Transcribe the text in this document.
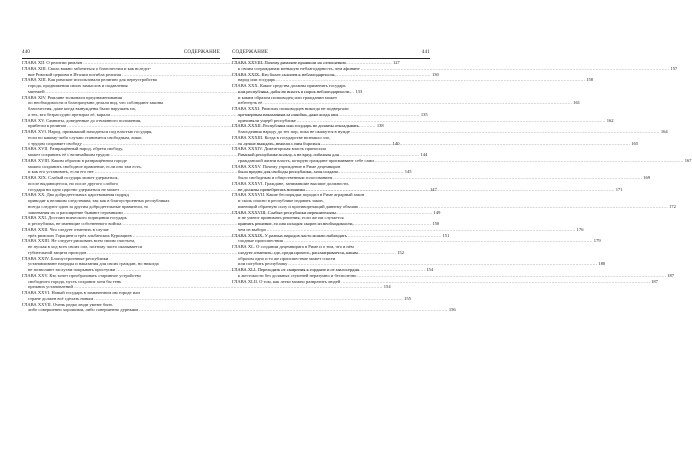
440	СОДЕРЖАНИЕ
ГЛАВА XII. О религии римлян .....	127
ГЛАВА XIII. Сколь важно заботиться о благочестии и как вследст-
вие Римской церкови в Италии погибла религия .....	130
ГЛАВА XIII. Как римские использовали религию для переустройства
города, продвижения своих замыслов и подавления
мятежей .....	133
ГЛАВА XIV. Римляне толковали предзнаменования
по необходимости и благоразумно делали вид, что соблюдают законы
благочестия, даже когда вынуждены были нарушать их,
а тех, кто безрассудно презирал её, карали .....	135
ГЛАВА XV. Самниты, доведенные до отчаянного положения,
прибегли к религии .....	138
ГЛАВА XVI. Народ, привыкший находиться под властью государя,
если по какому-либо случаю становится свободным, лишь
с трудом сохраняет свободу .....	140
ГЛАВА XVII. Развращённый народ, обретя свободу,
может сохранить её с величайшим трудом .....	144
ГЛАВА XVIII. Каким образом в развращённом городе
можно сохранить свободное правление, если оно там есть,
и как его установить, если его нет .....	145
ГЛАВА XIX. Слабый государь может удержаться,
после выдающегося, но после другого слабого
государя ни одно царство удержаться не может .....	147
ГЛАВА XX. Два добродетельных царствования подряд
приводят к великим следствиям; так как в благоустроенных республиках
всегда следуют один за другим добродетельные правители, то
завоевания их и расширение бывают огромными .....	149
ГЛАВА XXI. Достоин всяческого порицания государь
и республика, не имеющие собственного войска .....	150
ГЛАВА XXII. Что следует отметить в случае
трёх римских Горациев и трёх альбанских Куриациев .....	151
ГЛАВА XXIII. Не следует рисковать всем своим счастьем,
не пуская в ход всех своих сил, поэтому часто оказывается
губительной защита проходов .....	152
ГЛАВА XXIV. Благоустроенные республики
устанавливают награды и наказания для своих граждан, но никогда
не позволяют заслугам покрывать проступки .....	154
ГЛАВА XXV. Кто хочет преобразовать старинное устройство
свободного города, пусть сохранит хотя бы тень
прежних установлений .....	154
ГЛАВА XXVI. Новый государь в захваченном им городе или
стране должен всё сделать новым .....	155
ГЛАВА XXVII. Очень редко люди умеют быть
либо совершенно хорошими, либо совершенно дурными .....	156
СОДЕРЖАНИЕ	441
ГЛАВА XXVIII. Почему римляне проявили по отношению
к своим согражданам меньшую неблагодарность, чем афиняне .....	157
ГЛАВА XXIX. Кто более склонен к неблагодарности,
народ или государь .....	158
ГЛАВА XXX. Какие средства должны применять государь
или республика, дабы не впасть в порок неблагодарности,
и каким образом полководец или гражданин может
избегнуть её .....	161
ГЛАВА XXXI. Римских полководцев никогда не подвергали
чрезмерным наказаниям за ошибки, даже когда они
причиняли ущерб республике .....	162
ГЛАВА XXXII. Республика или государь не должны откладывать
благодеяния народу до тех пор, пока не окажутся в нужде .....	164
ГЛАВА XXXIII. Когда в государстве возникло зло,
то лучше выждать, нежели с ним бороться .....	165
ГЛАВА XXXIV. Диктаторская власть приносила
Римской республике пользу, а не вред; гибельна для
гражданской жизни власть, которую граждане присваивают себе сами .....	167
ГЛАВА XXXV. Почему учреждение в Риме децемвиров
было вредно для свободы республики, хотя создано
было свободным и общественным голосованием .....	169
ГЛАВА XXXVI. Граждане, занимавшие высшие должности,
не должны пренебрегать низшими .....	171
ГЛАВА XXXVII. Какие беспорядки породил в Риме аграрный закон
и сколь опасно в республике издавать закон,
имеющий обратную силу и противоречащий давнему обычаю .....	172
ГЛАВА XXXVIII. Слабые республики нерешительны
и не умеют принимать решения; если же им случается
принять решение, то оно исходит скорее из необходимости,
чем из выбора .....	176
ГЛАВА XXXIX. У разных народов часто можно наблюдать
сходные происшествия .....	179
ГЛАВА XL. О создании децемвирата в Риме и о том, что в нём
следует отметить; где, среди прочего, рассматривается, каким
образом одно и то же происшествие может спасти
или погубить республику .....	180
ГЛАВА XLI. Переходить от смирения к гордыне и от милосердия
к жестокости без должных ступеней неразумно и бесполезно .....	187
ГЛАВА XLII. О том, как легко можно развратить людей .....	187
